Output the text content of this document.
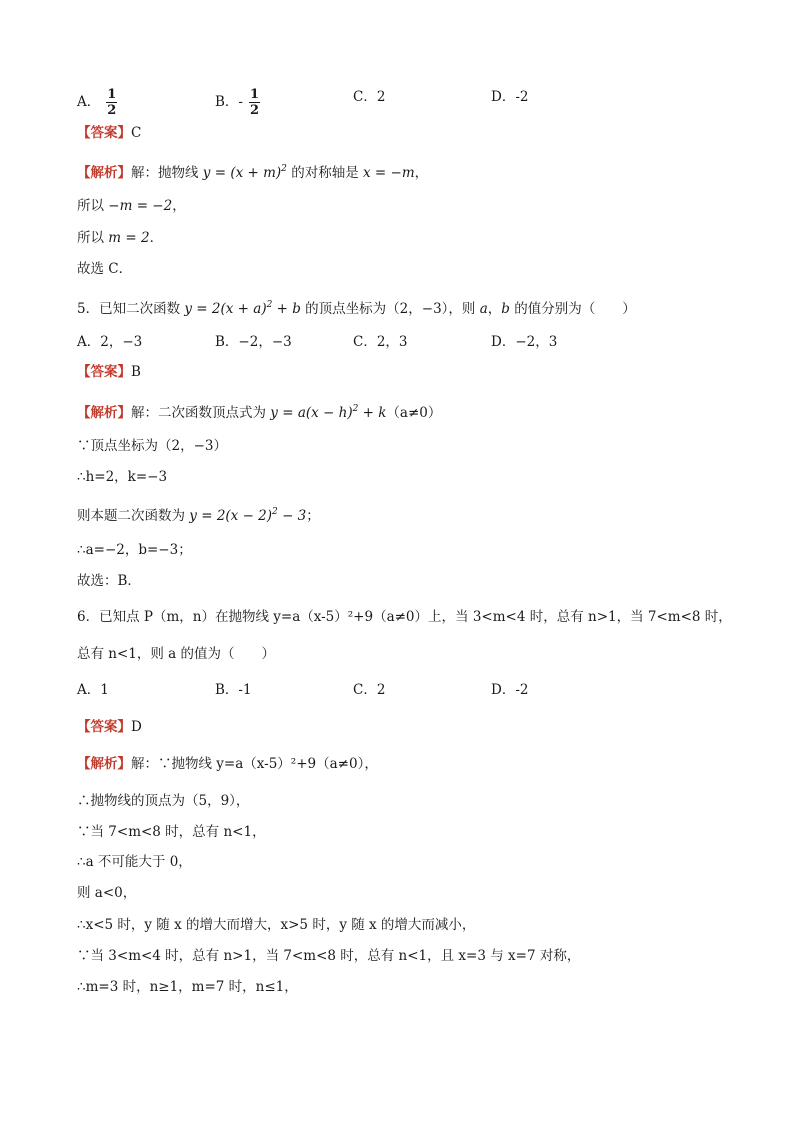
A． $\frac{1}{2}$	B．- $\frac{1}{2}$	C．2	D．-2
【答案】C
【解析】解：抛物线 $y = (x + m)^2$ 的对称轴是 x = −m，
所以 −m = −2，
所以 m = 2．
故选 C．
5．已知二次函数 $y = 2(x + a)^2 + b$ 的顶点坐标为（2，−3），则 a，b 的值分别为（　　）
A．2，−3	B．−2，−3	C．2，3	D．−2，3
【答案】B
【解析】解：二次函数顶点式为 $y = a(x - h)^2 + k(a\ne 0)$
∵顶点坐标为（2，−3）
∴h=2，k=−3
则本题二次函数为 $y = 2(x - 2)^2 - 3$；
∴a=−2，b=−3；
故选：B．
6．已知点 P（m，n）在抛物线 y=a（x-5）²+9（a≠0）上，当 3<m<4 时，总有 n>1，当 7<m<8 时，
总有 n<1，则 a 的值为（　　）
A．1	B．-1	C．2	D．-2
【答案】D
【解析】解：∵抛物线 y=a（x-5）²+9（a≠0），
∴抛物线的顶点为（5，9），
∵当 7<m<8 时，总有 n<1，
∴a 不可能大于 0，
则 a<0，
∴x<5 时，y 随 x 的增大而增大，x>5 时，y 随 x 的增大而减小，
∵当 3<m<4 时，总有 n>1，当 7<m<8 时，总有 n<1，且 x=3 与 x=7 对称，
∴m=3 时，n≥1，m=7 时，n≤1，
